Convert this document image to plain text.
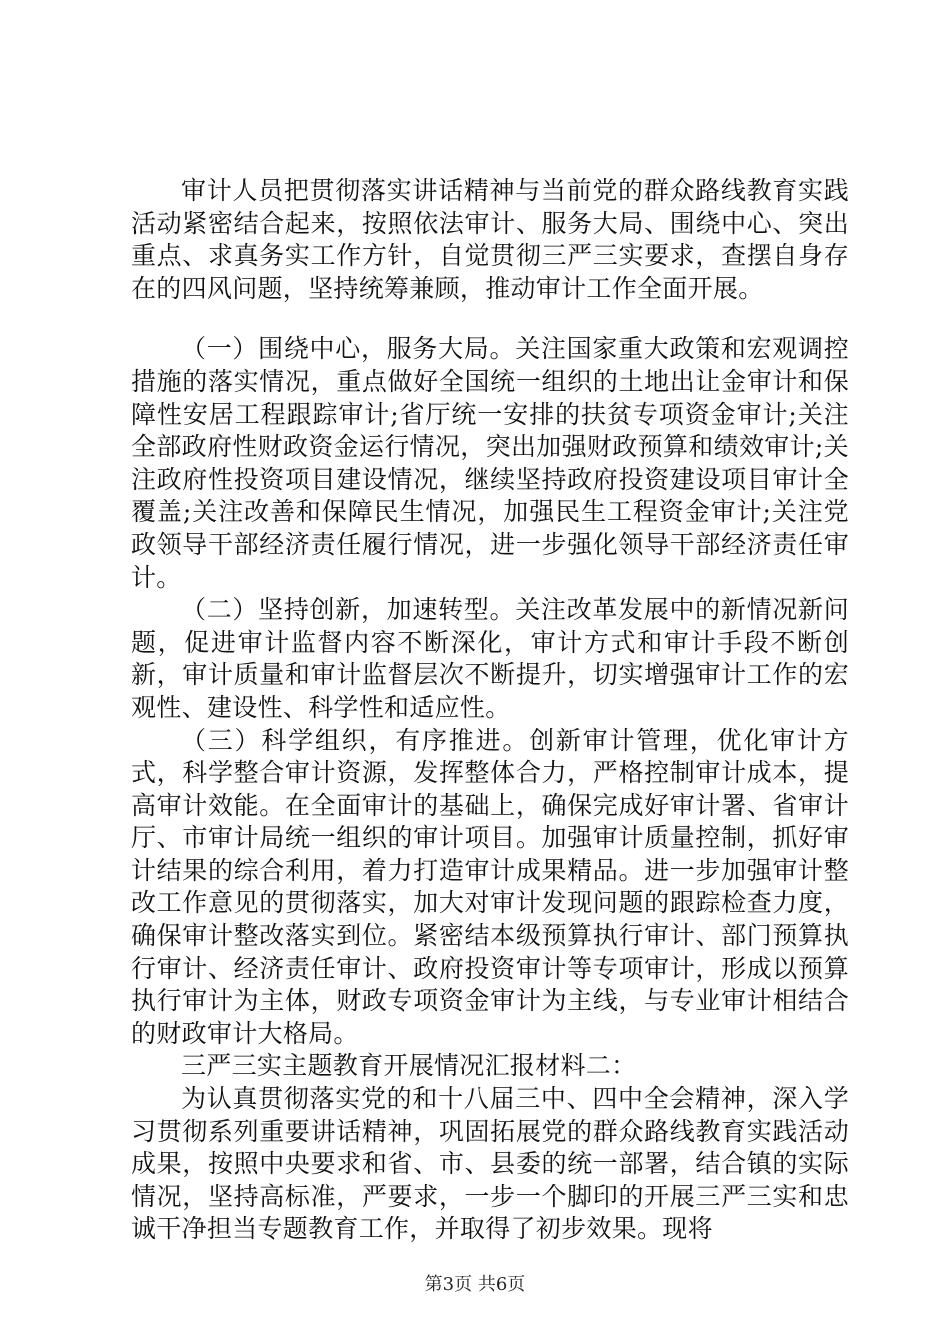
审计人员把贯彻落实讲话精神与当前党的群众路线教育实践活动紧密结合起来，按照依法审计、服务大局、围绕中心、突出重点、求真务实工作方针，自觉贯彻三严三实要求，查摆自身存在的四风问题，坚持统筹兼顾，推动审计工作全面开展。

（一）围绕中心，服务大局。关注国家重大政策和宏观调控措施的落实情况，重点做好全国统一组织的土地出让金审计和保障性安居工程跟踪审计;省厅统一安排的扶贫专项资金审计;关注全部政府性财政资金运行情况，突出加强财政预算和绩效审计;关注政府性投资项目建设情况，继续坚持政府投资建设项目审计全覆盖;关注改善和保障民生情况，加强民生工程资金审计;关注党政领导干部经济责任履行情况，进一步强化领导干部经济责任审计。

（二）坚持创新，加速转型。关注改革发展中的新情况新问题，促进审计监督内容不断深化，审计方式和审计手段不断创新，审计质量和审计监督层次不断提升，切实增强审计工作的宏观性、建设性、科学性和适应性。

（三）科学组织，有序推进。创新审计管理，优化审计方式，科学整合审计资源，发挥整体合力，严格控制审计成本，提高审计效能。在全面审计的基础上，确保完成好审计署、省审计厅、市审计局统一组织的审计项目。加强审计质量控制，抓好审计结果的综合利用，着力打造审计成果精品。进一步加强审计整改工作意见的贯彻落实，加大对审计发现问题的跟踪检查力度，确保审计整改落实到位。紧密结本级预算执行审计、部门预算执行审计、经济责任审计、政府投资审计等专项审计，形成以预算执行审计为主体，财政专项资金审计为主线，与专业审计相结合的财政审计大格局。

三严三实主题教育开展情况汇报材料二：

为认真贯彻落实党的和十八届三中、四中全会精神，深入学习贯彻系列重要讲话精神，巩固拓展党的群众路线教育实践活动成果，按照中央要求和省、市、县委的统一部署，结合镇的实际情况，坚持高标准，严要求，一步一个脚印的开展三严三实和忠诚干净担当专题教育工作，并取得了初步效果。现将

第3页 共6页
